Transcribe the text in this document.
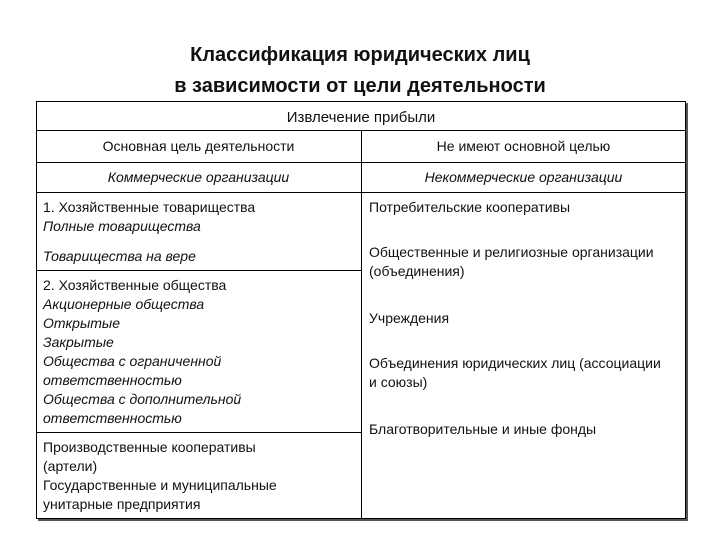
Классификация юридических лиц
в зависимости от цели деятельности
Извлечение прибыли
Основная цель деятельности	Не имеют основной целью
Коммерческие организации	Некоммерческие организации
1. Хозяйственные товарищества
Полные товарищества
Товарищества на вере
2. Хозяйственные общества
Акционерные общества
Открытые
Закрытые
Общества с ограниченной
ответственностью
Общества с дополнительной
ответственностью
Производственные кооперативы
(артели)
Государственные и муниципальные
унитарные предприятия
Потребительские кооперативы
Общественные и религиозные организации (объединения)
Учреждения
Объединения юридических лиц (ассоциации и союзы)
Благотворительные и иные фонды
